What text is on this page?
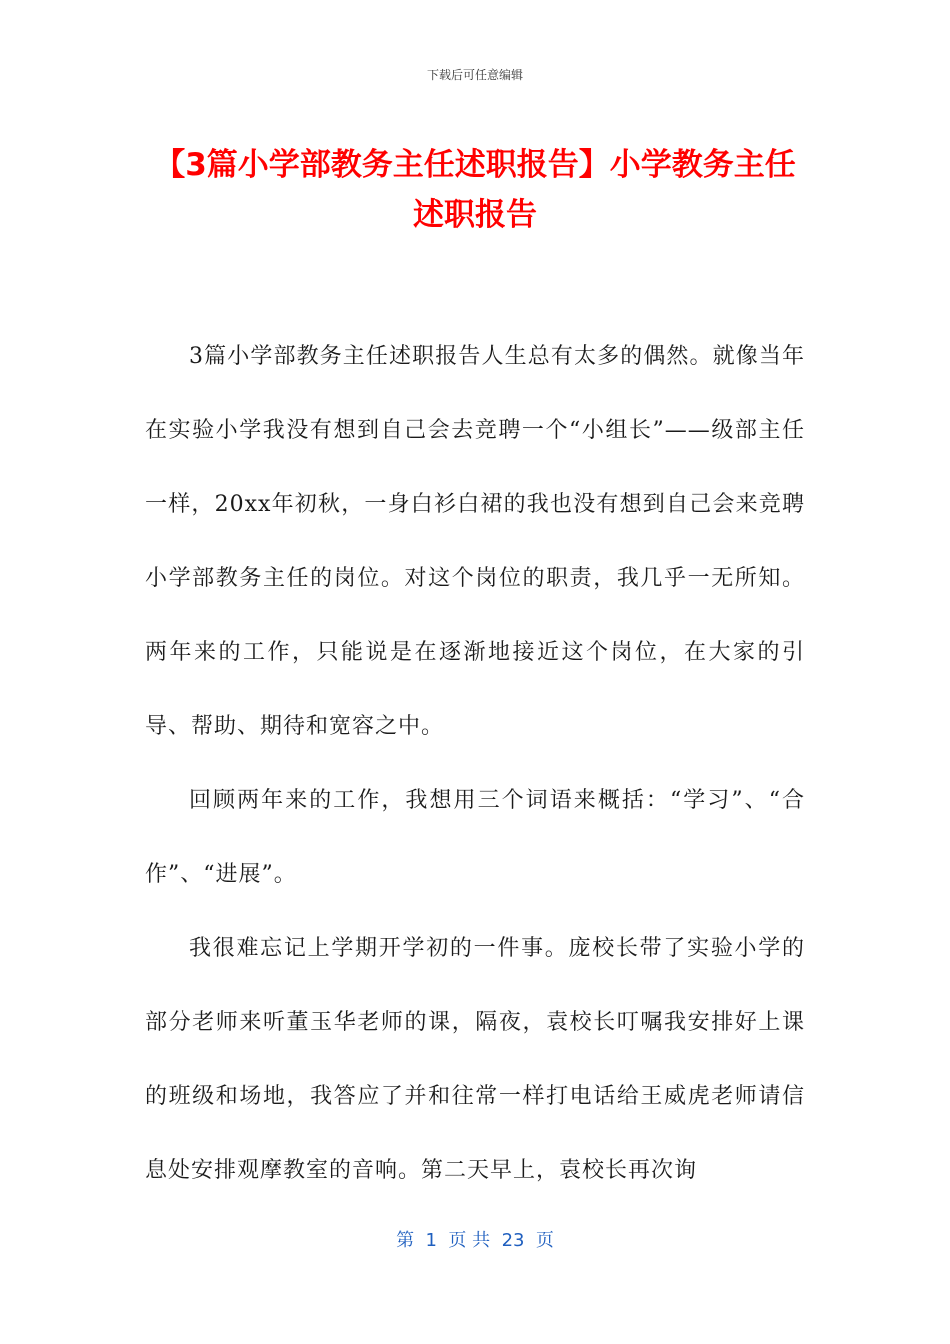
下载后可任意编辑
【3篇小学部教务主任述职报告】小学教务主任述职报告

3篇小学部教务主任述职报告人生总有太多的偶然。就像当年在实验小学我没有想到自己会去竞聘一个“小组长”——级部主任一样，20xx年初秋，一身白衫白裙的我也没有想到自己会来竞聘小学部教务主任的岗位。对这个岗位的职责，我几乎一无所知。两年来的工作，只能说是在逐渐地接近这个岗位，在大家的引导、帮助、期待和宽容之中。

回顾两年来的工作，我想用三个词语来概括：“学习”、“合作”、“进展”。

我很难忘记上学期开学初的一件事。庞校长带了实验小学的部分老师来听董玉华老师的课，隔夜，袁校长叮嘱我安排好上课的班级和场地，我答应了并和往常一样打电话给王威虎老师请信息处安排观摩教室的音响。第二天早上，袁校长再次询

第  1  页 共  23  页
